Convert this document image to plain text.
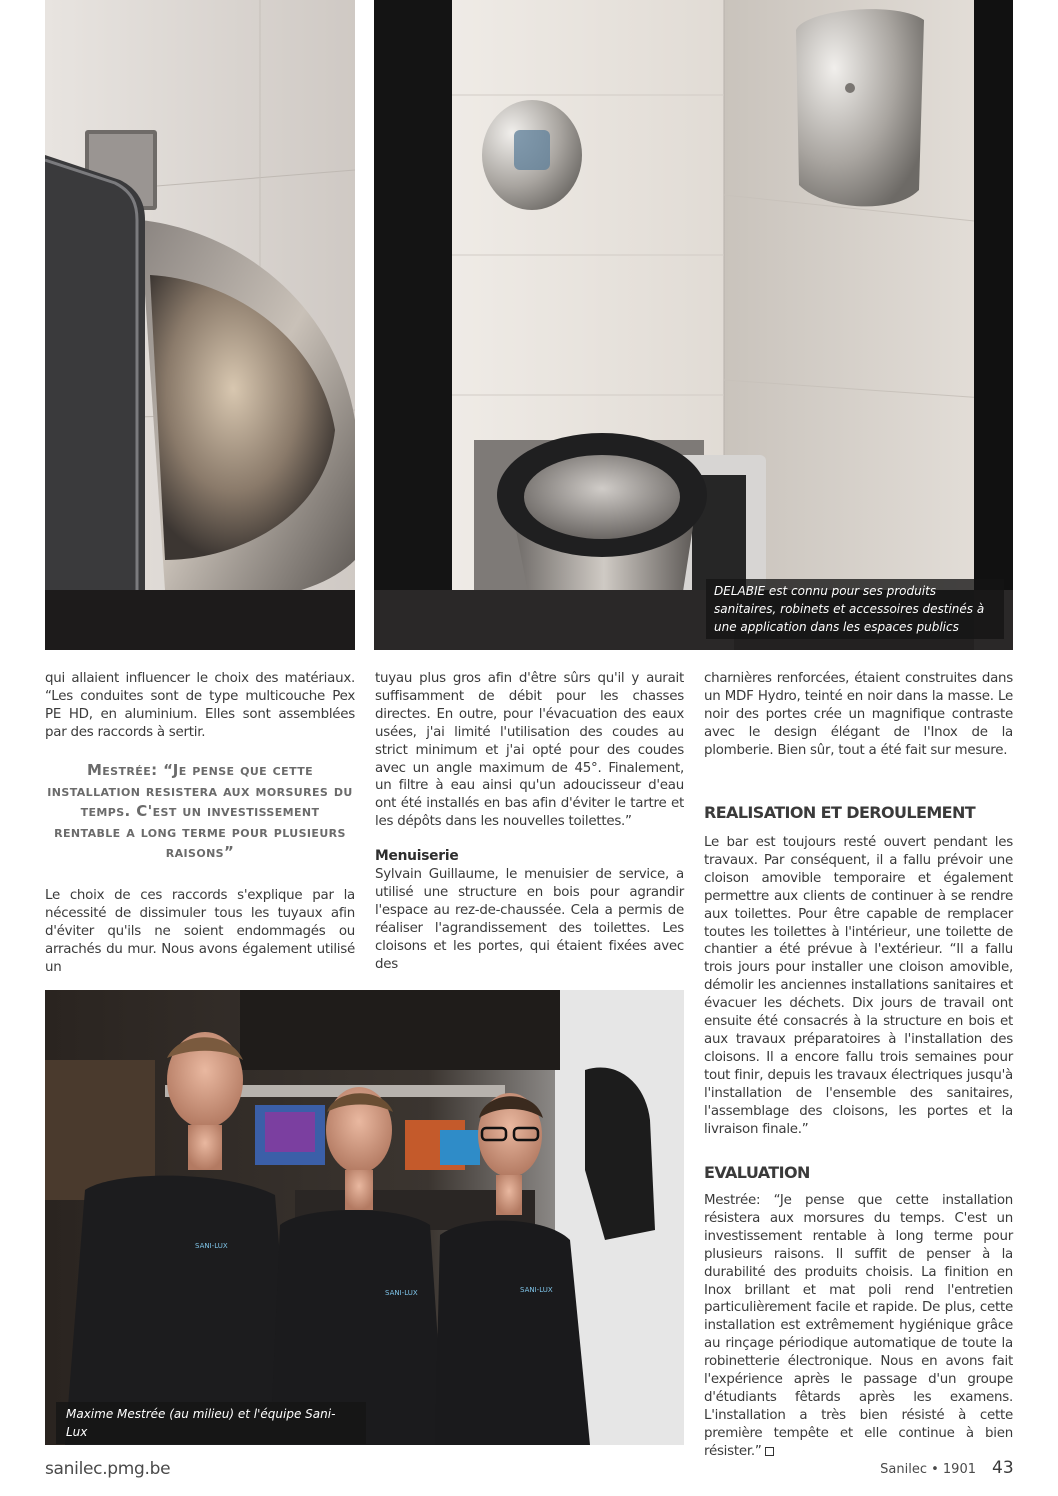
DELABIE est connu pour ses produits sanitaires, robinets et accessoires destinés à une application dans les espaces publics

qui allaient influencer le choix des matériaux. “Les conduites sont de type multicouche Pex PE HD, en aluminium. Elles sont assemblées par des raccords à sertir.

Mestrée: “Je pense que cette installation resistera aux morsures du temps. C'est un investissement rentable a long terme pour plusieurs raisons”

Le choix de ces raccords s'explique par la nécessité de dissimuler tous les tuyaux afin d'éviter qu'ils ne soient endommagés ou arrachés du mur. Nous avons également utilisé un

tuyau plus gros afin d'être sûrs qu'il y aurait suffisamment de débit pour les chasses directes. En outre, pour l'évacuation des eaux usées, j'ai limité l'utilisation des coudes au strict minimum et j'ai opté pour des coudes avec un angle maximum de 45°. Finalement, un filtre à eau ainsi qu'un adoucisseur d'eau ont été installés en bas afin d'éviter le tartre et les dépôts dans les nouvelles toilettes.”

Menuiserie

Sylvain Guillaume, le menuisier de service, a utilisé une structure en bois pour agrandir l'espace au rez-de-chaussée. Cela a permis de réaliser l'agrandissement des toilettes. Les cloisons et les portes, qui étaient fixées avec des

charnières renforcées, étaient construites dans un MDF Hydro, teinté en noir dans la masse. Le noir des portes crée un magnifique contraste avec le design élégant de l'Inox de la plomberie. Bien sûr, tout a été fait sur mesure.

REALISATION ET DEROULEMENT

Le bar est toujours resté ouvert pendant les travaux. Par conséquent, il a fallu prévoir une cloison amovible temporaire et également permettre aux clients de continuer à se rendre aux toilettes. Pour être capable de remplacer toutes les toilettes à l'intérieur, une toilette de chantier a été prévue à l'extérieur. “Il a fallu trois jours pour installer une cloison amovible, démolir les anciennes installations sanitaires et évacuer les déchets. Dix jours de travail ont ensuite été consacrés à la structure en bois et aux travaux préparatoires à l'installation des cloisons. Il a encore fallu trois semaines pour tout finir, depuis les travaux électriques jusqu'à l'installation de l'ensemble des sanitaires, l'assemblage des cloisons, les portes et la livraison finale.”

EVALUATION

Mestrée: “Je pense que cette installation résistera aux morsures du temps. C'est un investissement rentable à long terme pour plusieurs raisons. Il suffit de penser à la durabilité des produits choisis. La finition en Inox brillant et mat poli rend l'entretien particulièrement facile et rapide. De plus, cette installation est extrêmement hygiénique grâce au rinçage périodique automatique de toute la robinetterie électronique. Nous en avons fait l'expérience après le passage d'un groupe d'étudiants fêtards après les examens. L'installation a très bien résisté à cette première tempête et elle continue à bien résister.”

SANI-LUX
SANI-LUX	SANI-LUX
Maxime Mestrée (au milieu) et l'équipe Sani-Lux
sanilec.pmg.be	Sanilec • 1901 43
